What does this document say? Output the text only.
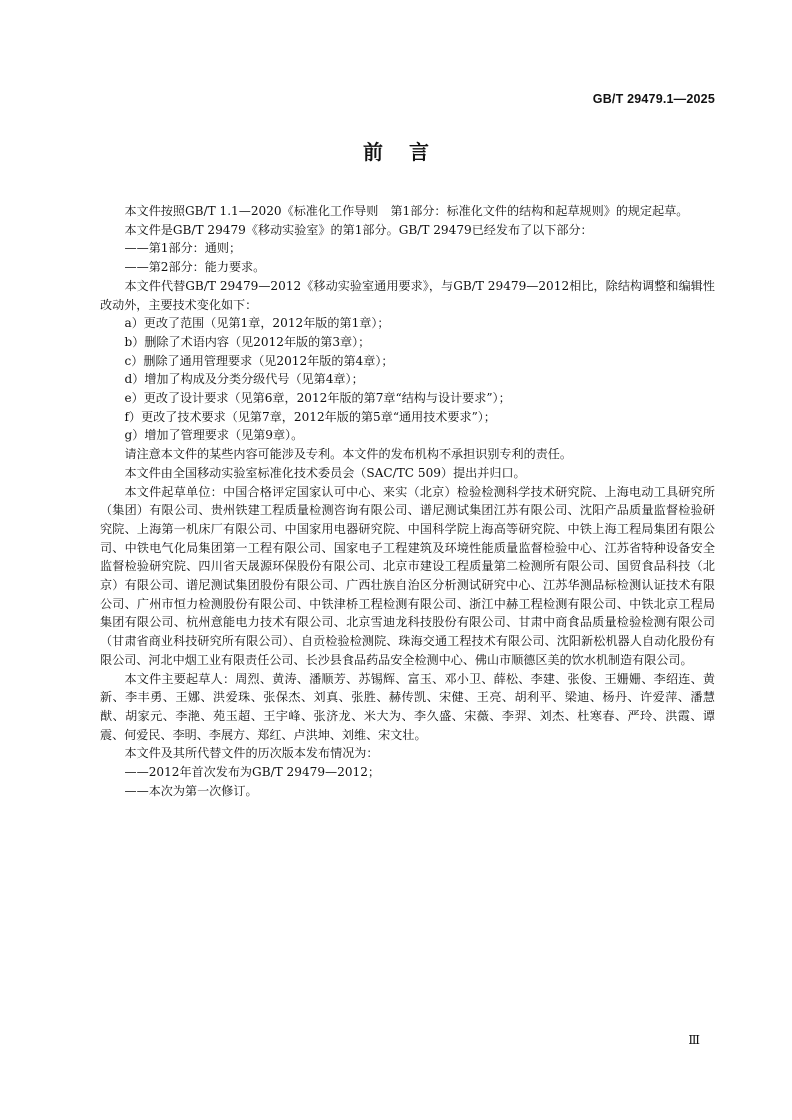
GB/T 29479.1—2025
前言

本文件按照GB/T 1.1—2020《标准化工作导则　第1部分：标准化文件的结构和起草规则》的规定起草。

本文件是GB/T 29479《移动实验室》的第1部分。GB/T 29479已经发布了以下部分：

——第1部分：通则；

——第2部分：能力要求。

本文件代替GB/T 29479—2012《移动实验室通用要求》，与GB/T 29479—2012相比，除结构调整和编辑性改动外，主要技术变化如下：

a）更改了范围（见第1章，2012年版的第1章）；

b）删除了术语内容（见2012年版的第3章）；

c）删除了通用管理要求（见2012年版的第4章）；

d）增加了构成及分类分级代号（见第4章）；

e）更改了设计要求（见第6章，2012年版的第7章“结构与设计要求”）；

f）更改了技术要求（见第7章，2012年版的第5章“通用技术要求”）；

g）增加了管理要求（见第9章）。

请注意本文件的某些内容可能涉及专利。本文件的发布机构不承担识别专利的责任。

本文件由全国移动实验室标准化技术委员会（SAC/TC 509）提出并归口。

本文件起草单位：中国合格评定国家认可中心、来实（北京）检验检测科学技术研究院、上海电动工具研究所（集团）有限公司、贵州铁建工程质量检测咨询有限公司、谱尼测试集团江苏有限公司、沈阳产品质量监督检验研究院、上海第一机床厂有限公司、中国家用电器研究院、中国科学院上海高等研究院、中铁上海工程局集团有限公司、中铁电气化局集团第一工程有限公司、国家电子工程建筑及环境性能质量监督检验中心、江苏省特种设备安全监督检验研究院、四川省天晟源环保股份有限公司、北京市建设工程质量第二检测所有限公司、国贸食品科技（北京）有限公司、谱尼测试集团股份有限公司、广西壮族自治区分析测试研究中心、江苏华测品标检测认证技术有限公司、广州市恒力检测股份有限公司、中铁津桥工程检测有限公司、浙江中赫工程检测有限公司、中铁北京工程局集团有限公司、杭州意能电力技术有限公司、北京雪迪龙科技股份有限公司、甘肃中商食品质量检验检测有限公司（甘肃省商业科技研究所有限公司）、自贡检验检测院、珠海交通工程技术有限公司、沈阳新松机器人自动化股份有限公司、河北中烟工业有限责任公司、长沙县食品药品安全检测中心、佛山市顺德区美的饮水机制造有限公司。

本文件主要起草人：周烈、黄涛、潘顺芳、苏锡辉、富玉、邓小卫、薛松、李建、张俊、王姗姗、李绍连、黄新、李丰勇、王娜、洪爱珠、张保杰、刘真、张胜、赫传凯、宋健、王亮、胡利平、梁迪、杨丹、许爱萍、潘慧猷、胡家元、李滟、苑玉超、王宇峰、张济龙、米大为、李久盛、宋薇、李羿、刘杰、杜寒春、严玲、洪霞、谭震、何爱民、李明、李展方、郑红、卢洪坤、刘维、宋文壮。

本文件及其所代替文件的历次版本发布情况为：

——2012年首次发布为GB/T 29479—2012；

——本次为第一次修订。

Ⅲ
